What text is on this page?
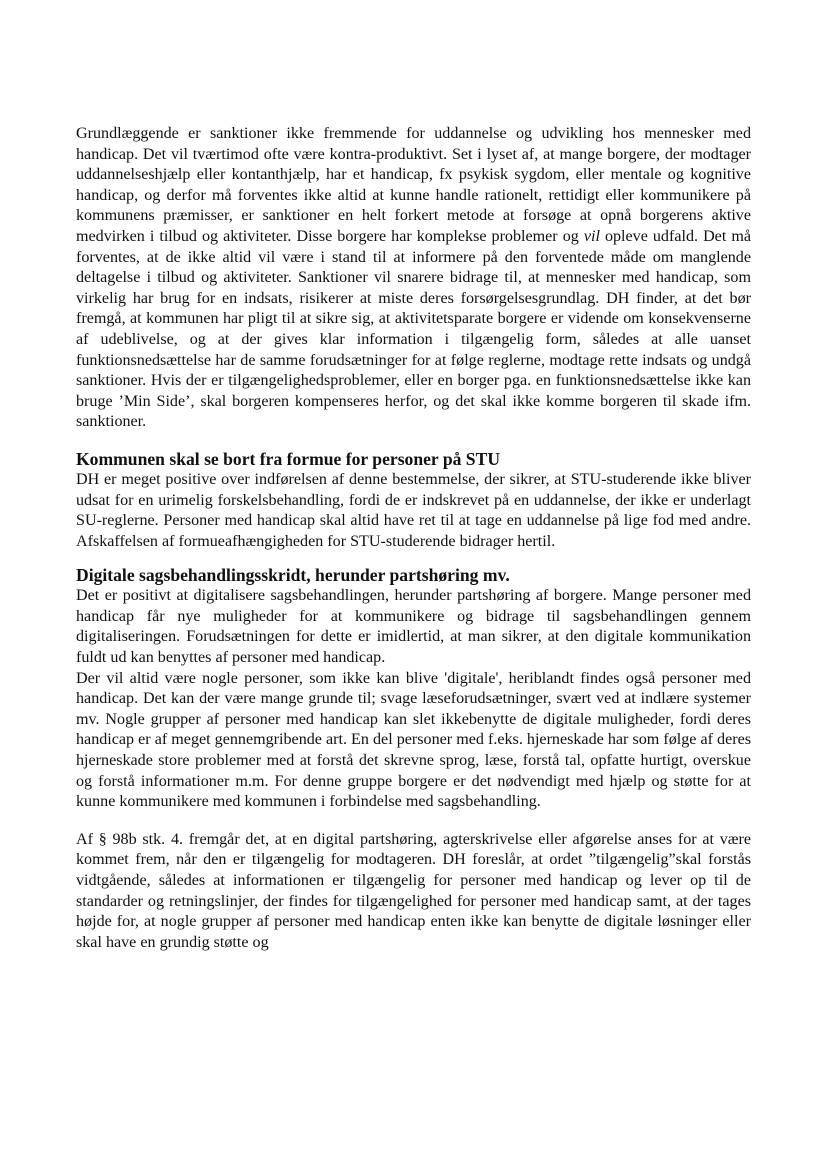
Grundlæggende er sanktioner ikke fremmende for uddannelse og udvikling hos mennesker med handicap. Det vil tværtimod ofte være kontra-produktivt. Set i lyset af, at mange borgere, der modtager uddannelseshjælp eller kontanthjælp, har et handicap, fx psykisk sygdom, eller mentale og kognitive handicap, og derfor må forventes ikke altid at kunne handle rationelt, rettidigt eller kommunikere på kommunens præmisser, er sanktioner en helt forkert metode at forsøge at opnå borgerens aktive medvirken i tilbud og aktiviteter. Disse borgere har komplekse problemer og vil opleve udfald. Det må forventes, at de ikke altid vil være i stand til at informere på den forventede måde om manglende deltagelse i tilbud og aktiviteter. Sanktioner vil snarere bidrage til, at mennesker med handicap, som virkelig har brug for en indsats, risikerer at miste deres forsørgelsesgrundlag. DH finder, at det bør fremgå, at kommunen har pligt til at sikre sig, at aktivitetsparate borgere er vidende om konsekvenserne af udeblivelse, og at der gives klar information i tilgængelig form, således at alle uanset funktionsnedsættelse har de samme forudsætninger for at følge reglerne, modtage rette indsats og undgå sanktioner. Hvis der er tilgængelighedsproblemer, eller en borger pga. en funktionsnedsættelse ikke kan bruge ’Min Side’, skal borgeren kompenseres herfor, og det skal ikke komme borgeren til skade ifm. sanktioner.

Kommunen skal se bort fra formue for personer på STU

DH er meget positive over indførelsen af denne bestemmelse, der sikrer, at STU-studerende ikke bliver udsat for en urimelig forskelsbehandling, fordi de er indskrevet på en uddannelse, der ikke er underlagt SU-reglerne. Personer med handicap skal altid have ret til at tage en uddannelse på lige fod med andre. Afskaffelsen af formueafhængigheden for STU-studerende bidrager hertil.

Digitale sagsbehandlingsskridt, herunder partshøring mv.

Det er positivt at digitalisere sagsbehandlingen, herunder partshøring af borgere. Mange personer med handicap får nye muligheder for at kommunikere og bidrage til sagsbehandlingen gennem digitaliseringen. Forudsætningen for dette er imidlertid, at man sikrer, at den digitale kommunikation fuldt ud kan benyttes af personer med handicap.

Der vil altid være nogle personer, som ikke kan blive 'digitale', heriblandt findes også personer med handicap. Det kan der være mange grunde til; svage læseforudsætninger, svært ved at indlære systemer mv. Nogle grupper af personer med handicap kan slet ikkebenytte de digitale muligheder, fordi deres handicap er af meget gennemgribende art. En del personer med f.eks. hjerneskade har som følge af deres hjerneskade store problemer med at forstå det skrevne sprog, læse, forstå tal, opfatte hurtigt, overskue og forstå informationer m.m. For denne gruppe borgere er det nødvendigt med hjælp og støtte for at kunne kommunikere med kommunen i forbindelse med sagsbehandling.

Af § 98b stk. 4. fremgår det, at en digital partshøring, agterskrivelse eller afgørelse anses for at være kommet frem, når den er tilgængelig for modtageren. DH foreslår, at ordet ”tilgængelig”skal forstås vidtgående, således at informationen er tilgængelig for personer med handicap og lever op til de standarder og retningslinjer, der findes for tilgængelighed for personer med handicap samt, at der tages højde for, at nogle grupper af personer med handicap enten ikke kan benytte de digitale løsninger eller skal have en grundig støtte og
